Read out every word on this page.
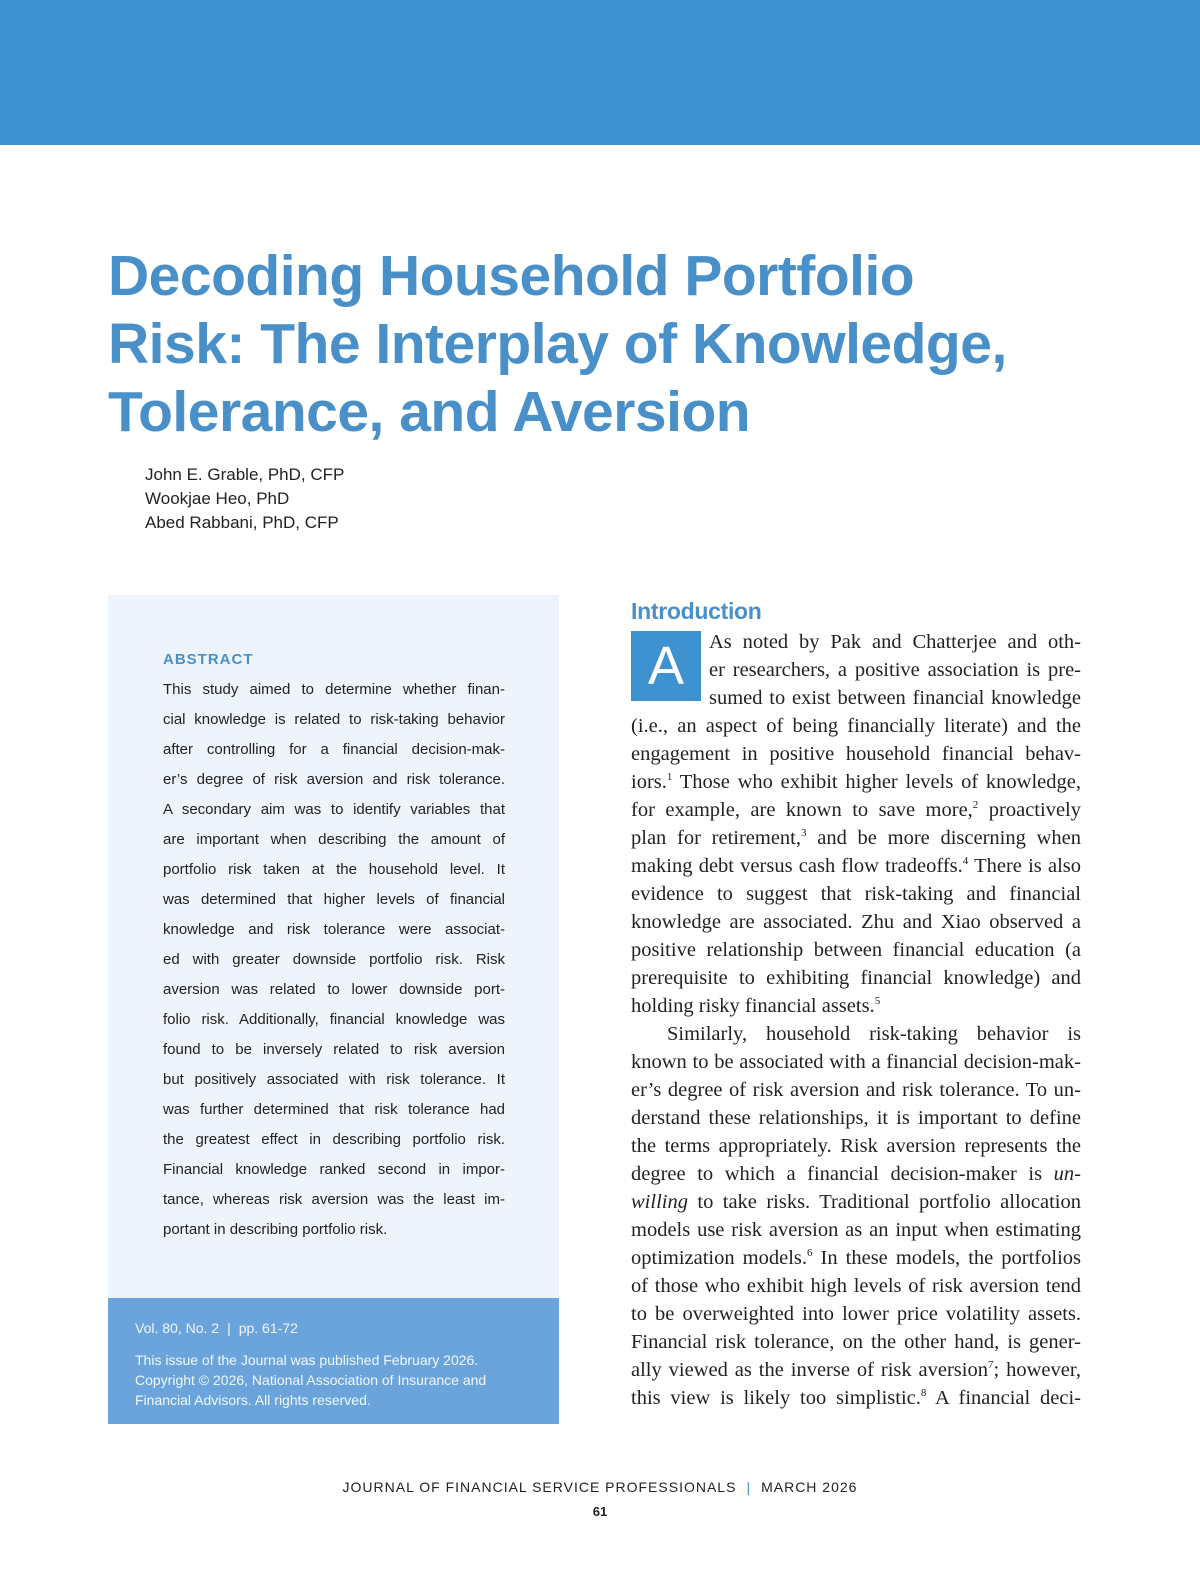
Decoding Household Portfolio
Risk: The Interplay of Knowledge,
Tolerance, and Aversion
John E. Grable, PhD, CFP
Wookjae Heo, PhD
Abed Rabbani, PhD, CFP
ABSTRACT
This study aimed to determine whether finan-
cial knowledge is related to risk-taking behavior
after controlling for a financial decision-mak-
er’s degree of risk aversion and risk tolerance.
A secondary aim was to identify variables that
are important when describing the amount of
portfolio risk taken at the household level. It
was determined that higher levels of financial
knowledge and risk tolerance were associat-
ed with greater downside portfolio risk. Risk
aversion was related to lower downside port-
folio risk. Additionally, financial knowledge was
found to be inversely related to risk aversion
but positively associated with risk tolerance. It
was further determined that risk tolerance had
the greatest effect in describing portfolio risk.
Financial knowledge ranked second in impor-
tance, whereas risk aversion was the least im-
portant in describing portfolio risk.
Vol. 80, No. 2 | pp. 61-72
This issue of the Journal was published February 2026.
Copyright © 2026, National Association of Insurance and
Financial Advisors. All rights reserved.
Introduction
A	As noted by Pak and Chatterjee and oth-
er researchers, a positive association is pre-
sumed to exist between financial knowledge
(i.e., an aspect of being financially literate) and the
engagement in positive household financial behav-
iors.$^1$ Those who exhibit higher levels of knowledge,
for example, are known to save more,$^2$ proactively
plan for retirement,$^3$ and be more discerning when
making debt versus cash flow tradeoffs.$^4$ There is also
evidence to suggest that risk-taking and financial
knowledge are associated. Zhu and Xiao observed a
positive relationship between financial education (a
prerequisite to exhibiting financial knowledge) and
holding risky financial assets.$^5$
Similarly, household risk-taking behavior is
known to be associated with a financial decision-mak-
er’s degree of risk aversion and risk tolerance. To un-
derstand these relationships, it is important to define
the terms appropriately. Risk aversion represents the
degree to which a financial decision-maker is un-
willing to take risks. Traditional portfolio allocation
models use risk aversion as an input when estimating
optimization models.$^6$ In these models, the portfolios
of those who exhibit high levels of risk aversion tend
to be overweighted into lower price volatility assets.
Financial risk tolerance, on the other hand, is gener-
ally viewed as the inverse of risk aversion$^7$; however,
this view is likely too simplistic.$^8$ A financial deci-
JOURNAL OF FINANCIAL SERVICE PROFESSIONALS | MARCH 2026
61
